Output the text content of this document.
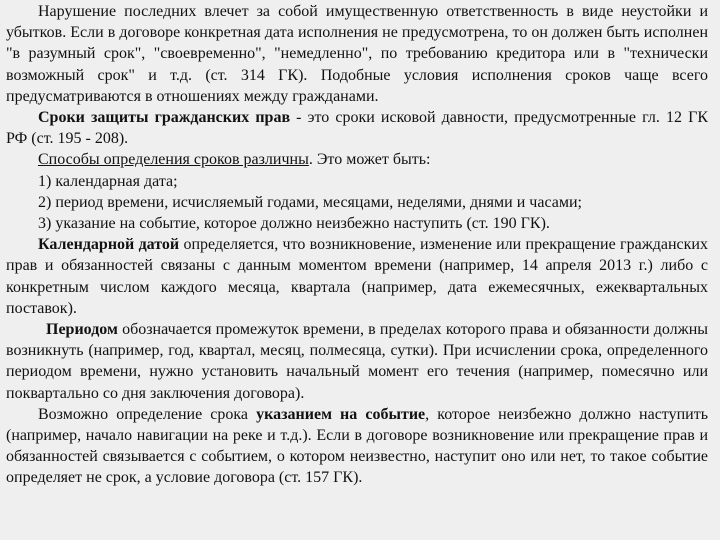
Нарушение последних влечет за собой имущественную ответственность в виде неустойки и убытков. Если в договоре конкретная дата исполнения не предусмотрена, то он должен быть исполнен "в разумный срок", "своевременно", "немедленно", по требованию кредитора или в "технически возможный срок" и т.д. (ст. 314 ГК). Подобные условия исполнения сроков чаще всего предусматриваются в отношениях между гражданами.

Сроки защиты гражданских прав - это сроки исковой давности, предусмотренные гл. 12 ГК РФ (ст. 195 - 208).

Способы определения сроков различны. Это может быть:

1) календарная дата;

2) период времени, исчисляемый годами, месяцами, неделями, днями и часами;

3) указание на событие, которое должно неизбежно наступить (ст. 190 ГК).

Календарной датой определяется, что возникновение, изменение или прекращение гражданских прав и обязанностей связаны с данным моментом времени (например, 14 апреля 2013 г.) либо с конкретным числом каждого месяца, квартала (например, дата ежемесячных, ежеквартальных поставок).

Периодом обозначается промежуток времени, в пределах которого права и обязанности должны возникнуть (например, год, квартал, месяц, полмесяца, сутки). При исчислении срока, определенного периодом времени, нужно установить начальный момент его течения (например, помесячно или поквартально со дня заключения договора).

Возможно определение срока указанием на событие, которое неизбежно должно наступить (например, начало навигации на реке и т.д.). Если в договоре возникновение или прекращение прав и обязанностей связывается с событием, о котором неизвестно, наступит оно или нет, то такое событие определяет не срок, а условие договора (ст. 157 ГК).
